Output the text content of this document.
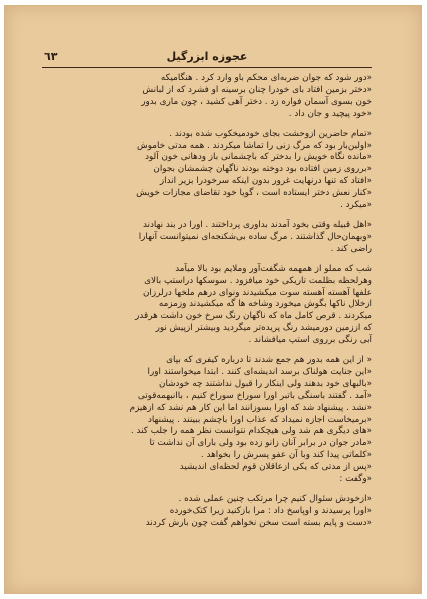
عجوزه ابزرگیل
٦٣

«دور شود که جوان ضربه‌ای محکم باو وارد کرد . هنگامیکه
«دختر بزمین افتاد بای خودرا چنان برسینه او فشرد که از لبانش
خون بسوی آسمان فواره زد . دختر آهی کشید ، چون ماری بدور
«خود پیچید و جان داد .

«تمام حاضرین ازوحشت بجای خودمیخکوب شده بودند .
«اولین‌بار بود که مرگ زنی را تماشا میکردند . همه مدتی خاموش
«مانده نگاه خویش را بدختر که باچشمانی باز ودهانی خون آلود
«برروی زمین افتاده بود دوخته بودند ناگهان چشمشان بجوان
«افتاد که تنها درنهایت غرور بدون اینکه سرخودرا بزیر انداز
«کنار نعش دختر ایستاده است ، گویا خود تقاضای مجازات خویش
«میکرد .

«اهل قبیله وقتی بخود آمدند بداوری پرداختند . اورا در بند نهادند
«وبهمان‌حال گذاشتند . مرگ ساده بی‌شکنجه‌ای نمیتوانست آنهارا
راضی کند .

شب که مملو از همهمه شگفت‌آور وملایم بود بالا میآمد
وهرلحظه بظلمت تاریکی خود میافزود . سوسکها دراستپ بالای
علفها آهسته آهسته سوت میکشیدند ونوای درهم ملخها درلرزان
ازخلال ناکها بگوش میخورد وشاخه ها گه میکشیدند وزمزمه
میکردند . قرص کامل ماه که ناگهان رنگ سرخ خون داشت هرقدر
که اززمین دورمیشد رنگ پریده‌تر میگردید وبیشتر ازپیش نور
آبی رنگی برروی استپ میافشاند .

« از این همه بدور هم جمع شدند تا درباره کیفری که بپای
«این جنایت هولناک برسد اندیشه‌ای کنند . ابتدا میخواستند اورا
«بالبهای خود بدهند ولی اینکار را قبول نداشتند چه خودشان
«آمد . گفتند باسنگی باتبر اورا سوراخ سوراخ کنیم ، باانبهمه‌قوتی
«نشد . پیشنهاد شد که اورا بسوزانند اما این کار هم نشد که ازهیزم
«برمیخاست اجازه نمیداد که عذاب اورا باچشم ببینند . پیشنهاد
«های دیگری هم شد ولی هیچکدام نتوانست نظر همه را جلب کند .
«مادر جوان در برابر آنان زانو زده بود ولی بارای آن نداشت تا
«کلماتی پیدا کند وبا آن عفو پسرش را بخواهد .
«پس از مدتی که یکی ازعاقلان قوم لحظه‌ای اندیشید
«وگفت :

«ازخودش سئوال کنیم چرا مرتکب چنین عملی شده .
«اورا پرسیدند و اوپاسخ داد : مرا بازکنید زیرا کتک‌خورده
«دست و پایم بسته است سخن نخواهم گفت چون بارش کردند
